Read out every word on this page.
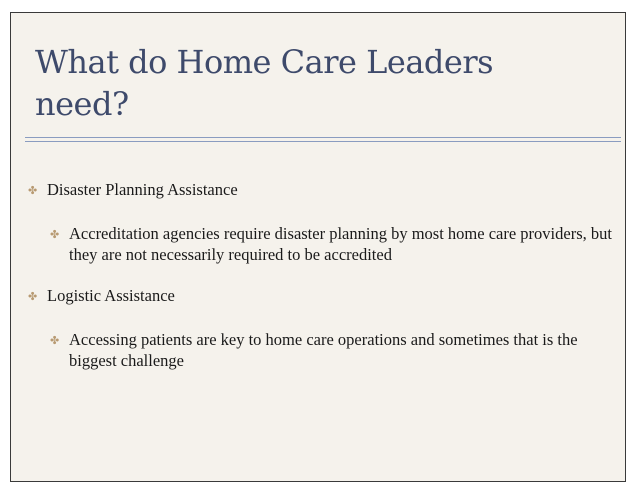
What do Home Care Leaders need?
✤ Disaster Planning Assistance
✤ Accreditation agencies require disaster planning by most home care providers, but they are not necessarily required to be accredited
✤ Logistic Assistance
✤ Accessing patients are key to home care operations and sometimes that is the biggest challenge
